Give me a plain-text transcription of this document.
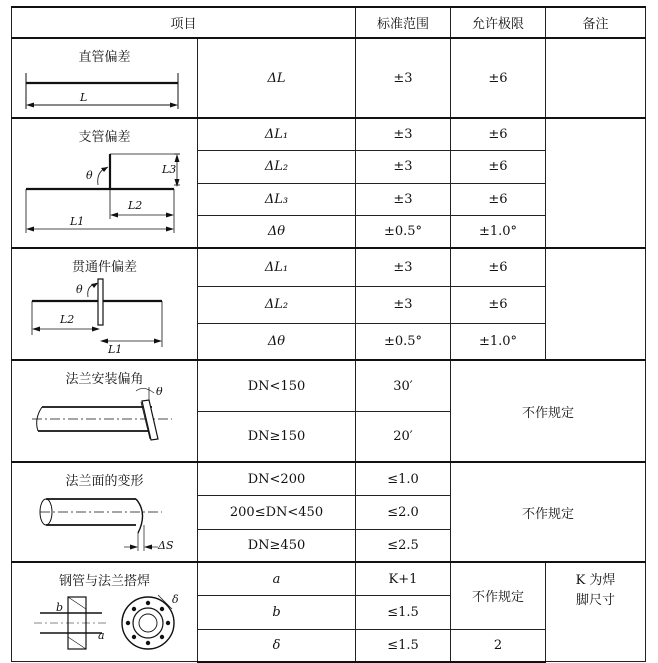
项目		标准范围	允许极限	备注

直管偏差
L	ΔL	±3	±6	

支管偏差
L3
θ
L2
L1	ΔL₁	±3	±6	
	ΔL₂	±3	±6	
	ΔL₃	±3	±6	
	Δθ	±0.5°	±1.0°	

贯通件偏差
θ
L2
L1	ΔL₁	±3	±6	
	ΔL₂	±3	±6	
	Δθ	±0.5°	±1.0°	

法兰安装偏角
θ	DN<150	30′	不作规定	
	DN≥150	20′		

法兰面的变形
ΔS	DN<200	≤1.0	不作规定	
	200≤DN<450	≤2.0		
	DN≥450	≤2.5		

钢管与法兰搭焊
b
a
δ	a	K+1	不作规定	K 为焊
脚尺寸
	b	≤1.5		
	δ	≤1.5	2	
